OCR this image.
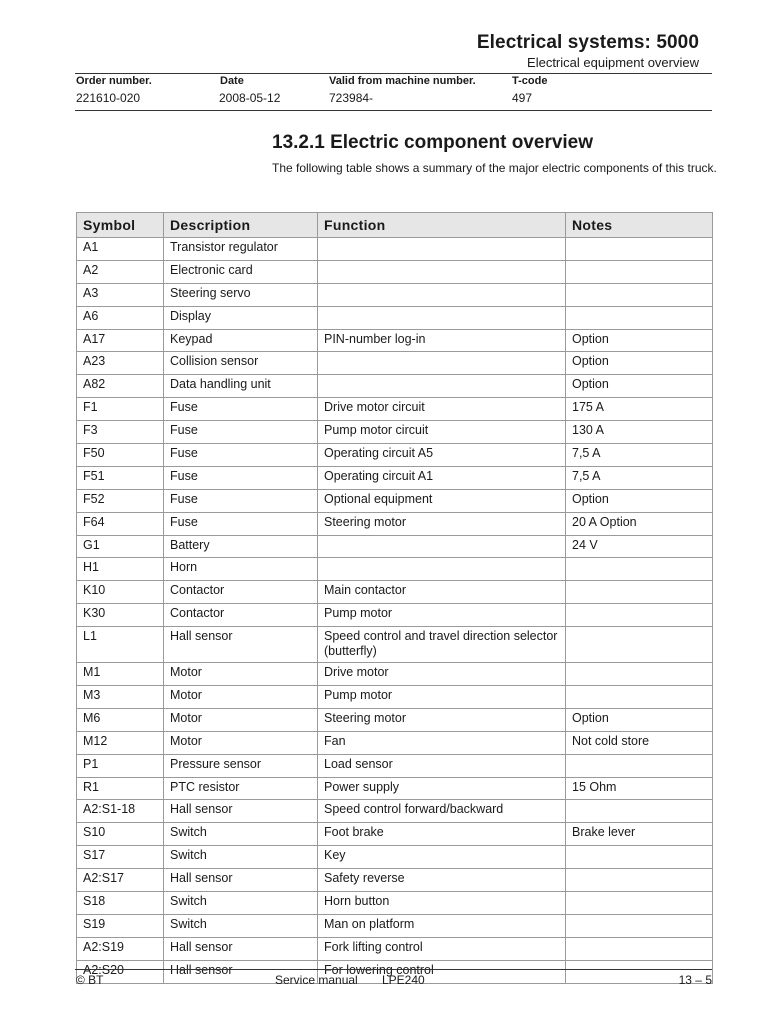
Electrical systems: 5000
Electrical equipment overview
Order number.
221610-020
Date
2008-05-12
Valid from machine number.
723984-
T-code
497
13.2.1 Electric component overview
The following table shows a summary of the major electric components of this truck.
Symbol	Description	Function	Notes
A1	Transistor regulator		
A2	Electronic card		
A3	Steering servo		
A6	Display		
A17	Keypad	PIN-number log-in	Option
A23	Collision sensor		Option
A82	Data handling unit		Option
F1	Fuse	Drive motor circuit	175 A
F3	Fuse	Pump motor circuit	130 A
F50	Fuse	Operating circuit A5	7,5 A
F51	Fuse	Operating circuit A1	7,5 A
F52	Fuse	Optional equipment	Option
F64	Fuse	Steering motor	20 A Option
G1	Battery		24 V
H1	Horn		
K10	Contactor	Main contactor	
K30	Contactor	Pump motor	
L1	Hall sensor	Speed control and travel direction selector (butterfly)	
M1	Motor	Drive motor	
M3	Motor	Pump motor	
M6	Motor	Steering motor	Option
M12	Motor	Fan	Not cold store
P1	Pressure sensor	Load sensor	
R1	PTC resistor	Power supply	15 Ohm
A2:S1-18	Hall sensor	Speed control forward/backward	
S10	Switch	Foot brake	Brake lever
S17	Switch	Key	
A2:S17	Hall sensor	Safety reverse	
S18	Switch	Horn button	
S19	Switch	Man on platform	
A2:S19	Hall sensor	Fork lifting control	
A2:S20	Hall sensor	For lowering control	
© BT	Service manual LPE240	13 – 5
